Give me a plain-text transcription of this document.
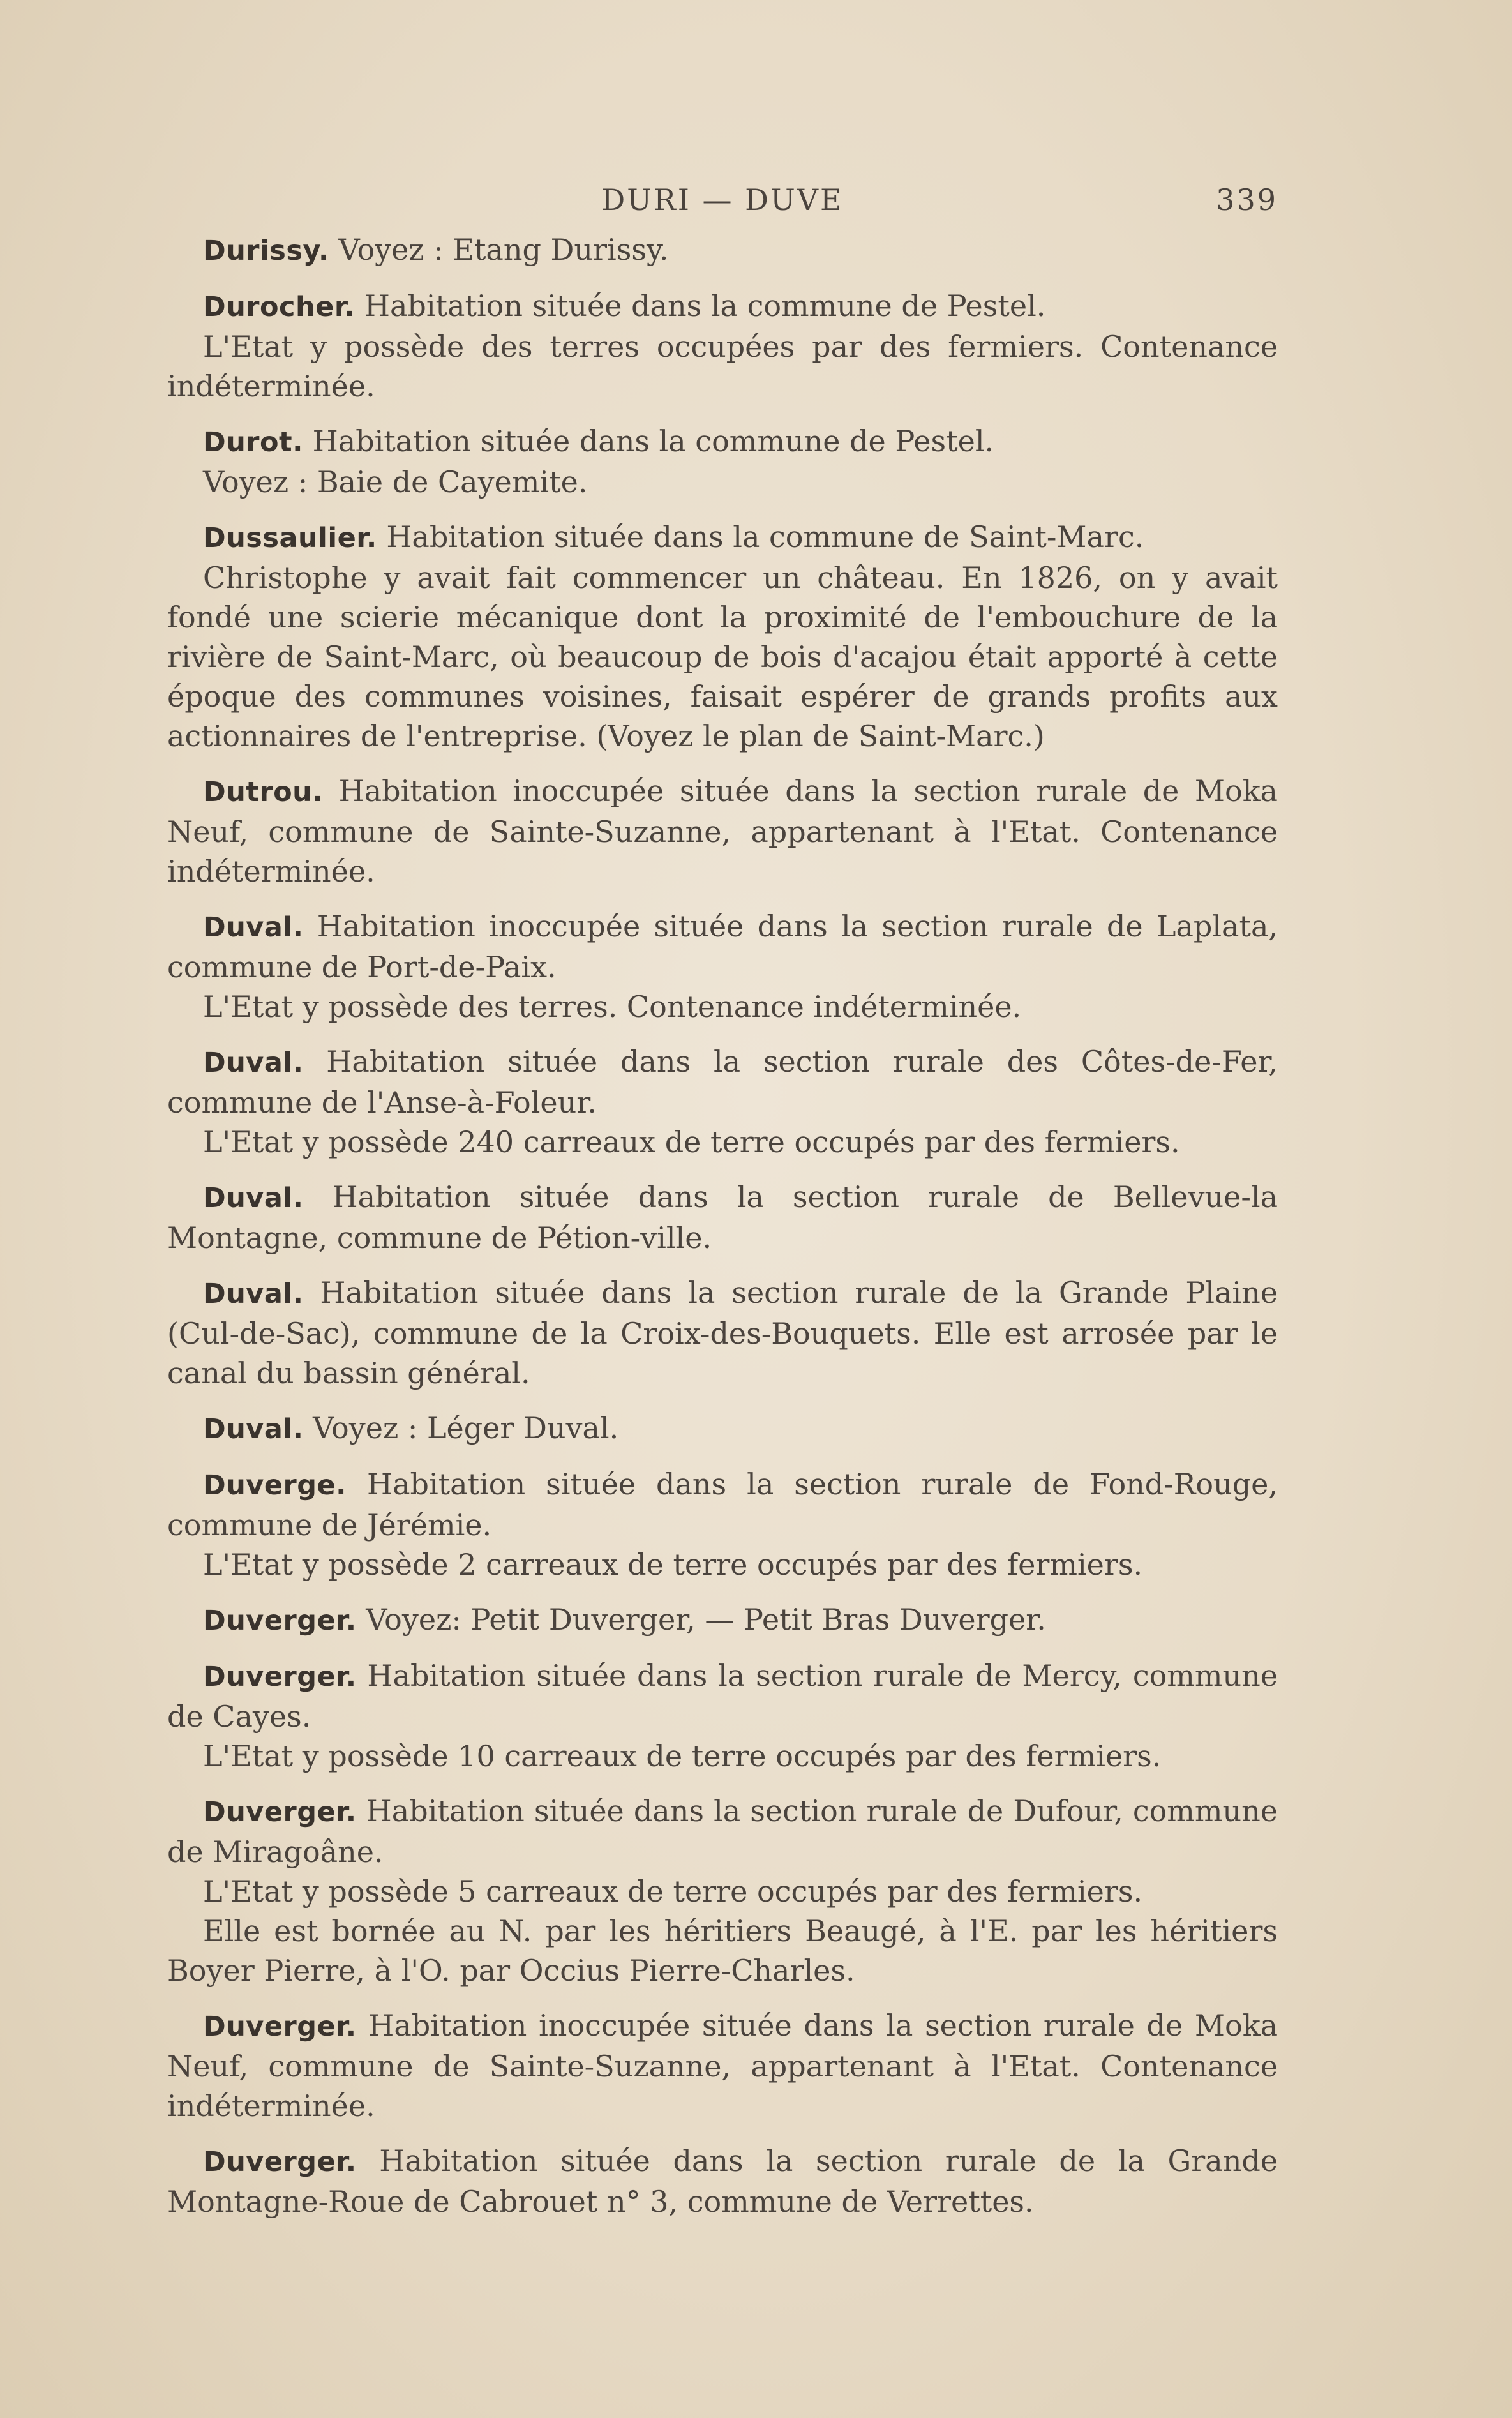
DURI — DUVE	339

Durissy. Voyez : Etang Durissy.

Durocher. Habitation située dans la commune de Pestel.

L'Etat y possède des terres occupées par des fermiers. Contenance indéterminée.

Durot. Habitation située dans la commune de Pestel.

Voyez : Baie de Cayemite.

Dussaulier. Habitation située dans la commune de Saint-Marc.

Christophe y avait fait commencer un château. En 1826, on y avait fondé une scierie mécanique dont la proximité de l'embouchure de la rivière de Saint-Marc, où beaucoup de bois d'acajou était apporté à cette époque des communes voisines, faisait espérer de grands profits aux actionnaires de l'entreprise. (Voyez le plan de Saint-Marc.)

Dutrou. Habitation inoccupée située dans la section rurale de Moka Neuf, commune de Sainte-Suzanne, appartenant à l'Etat. Contenance indéterminée.

Duval. Habitation inoccupée située dans la section rurale de Laplata, commune de Port-de-Paix.

L'Etat y possède des terres. Contenance indéterminée.

Duval. Habitation située dans la section rurale des Côtes-de-Fer, commune de l'Anse-à-Foleur.

L'Etat y possède 240 carreaux de terre occupés par des fermiers.

Duval. Habitation située dans la section rurale de Bellevue-la Montagne, commune de Pétion-ville.

Duval. Habitation située dans la section rurale de la Grande Plaine (Cul-de-Sac), commune de la Croix-des-Bouquets. Elle est arrosée par le canal du bassin général.

Duval. Voyez : Léger Duval.

Duverge. Habitation située dans la section rurale de Fond-Rouge, commune de Jérémie.

L'Etat y possède 2 carreaux de terre occupés par des fermiers.

Duverger. Voyez: Petit Duverger, — Petit Bras Duverger.

Duverger. Habitation située dans la section rurale de Mercy, commune de Cayes.

L'Etat y possède 10 carreaux de terre occupés par des fermiers.

Duverger. Habitation située dans la section rurale de Dufour, commune de Miragoâne.

L'Etat y possède 5 carreaux de terre occupés par des fermiers.

Elle est bornée au N. par les héritiers Beaugé, à l'E. par les héritiers Boyer Pierre, à l'O. par Occius Pierre-Charles.

Duverger. Habitation inoccupée située dans la section rurale de Moka Neuf, commune de Sainte-Suzanne, appartenant à l'Etat. Contenance indéterminée.

Duverger. Habitation située dans la section rurale de la Grande Montagne-Roue de Cabrouet n° 3, commune de Verrettes.
